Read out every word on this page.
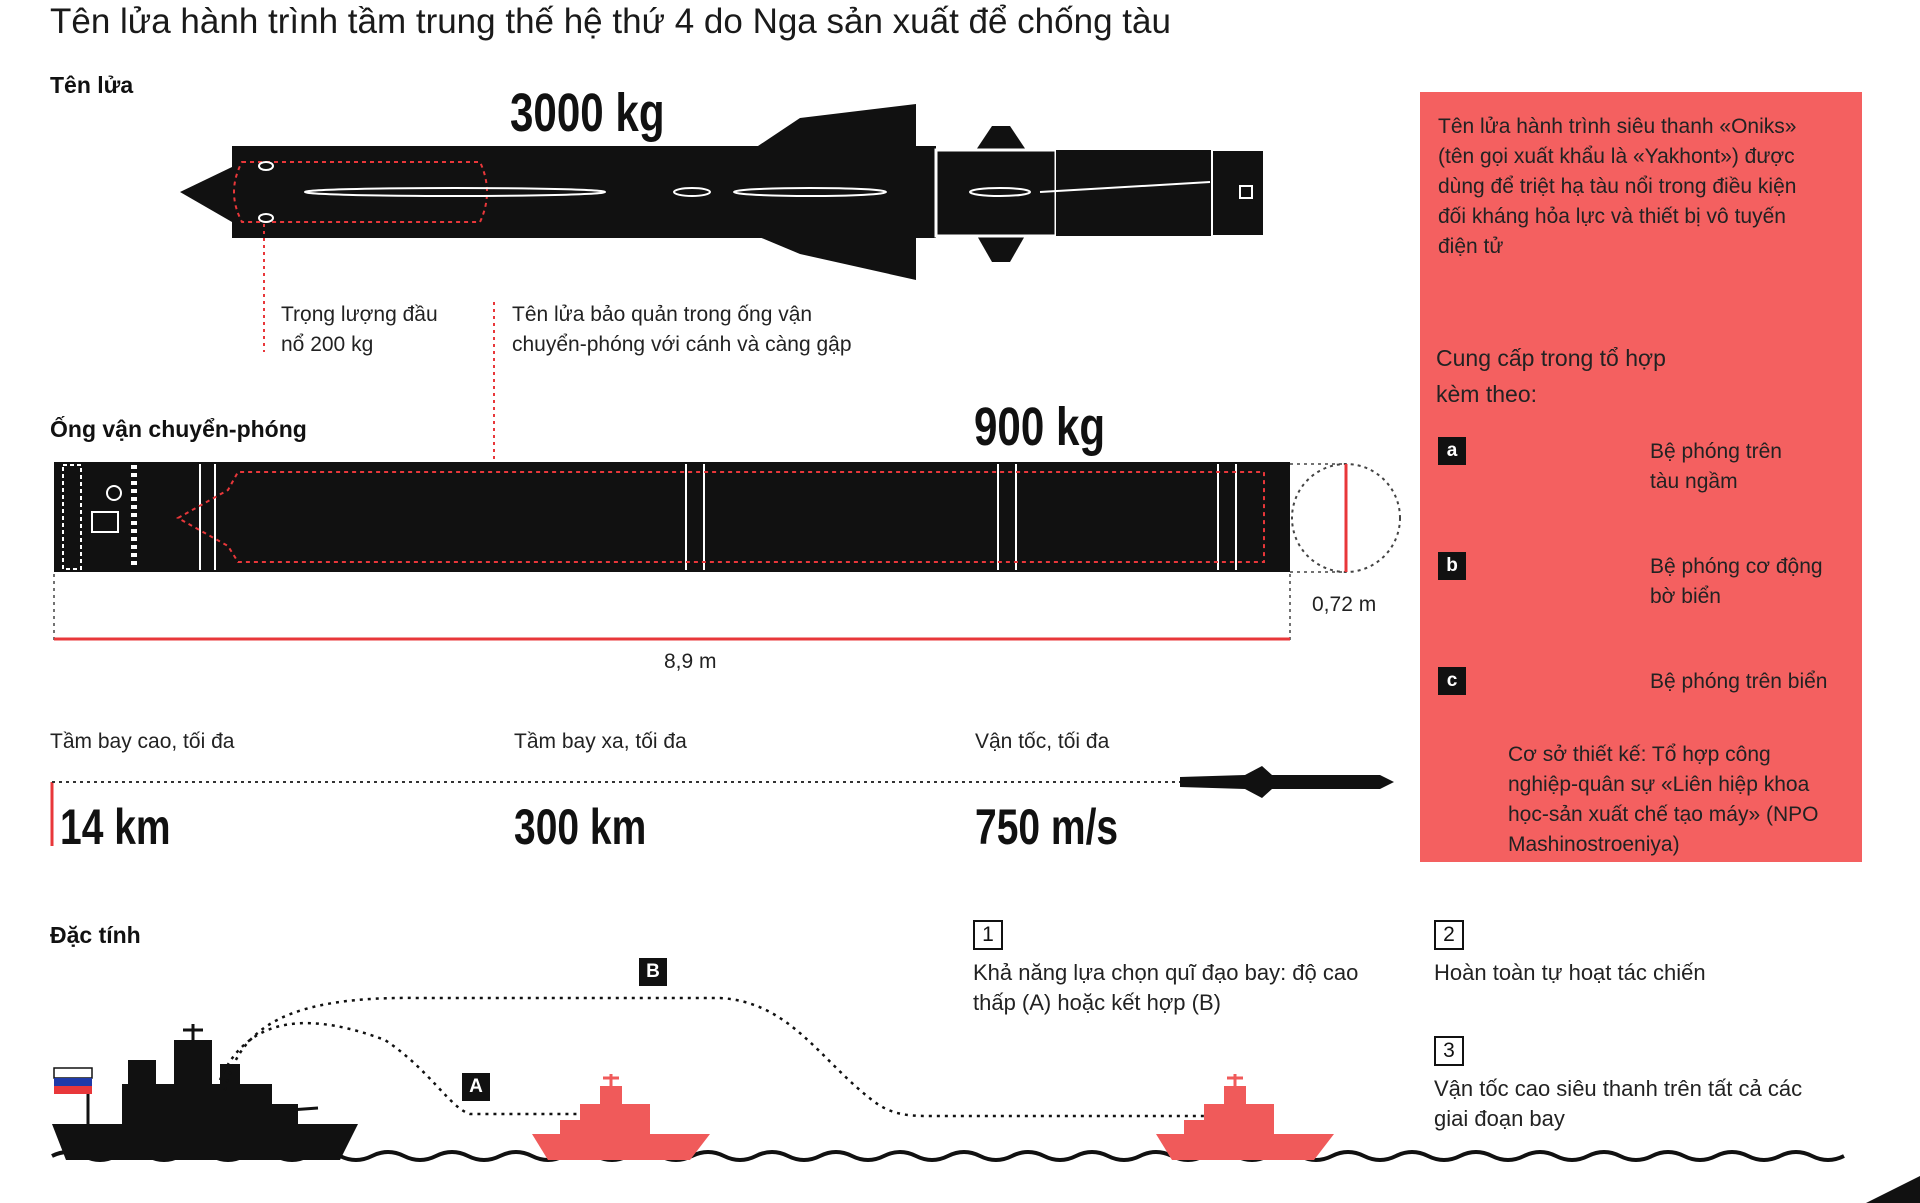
Tên lửa hành trình tầm trung thế hệ thứ 4 do Nga sản xuất để chống tàu
Tên lửa	3000 kg
Trọng lượng đầu
nổ 200 kg
Tên lửa bảo quản trong ống vận
chuyển-phóng với cánh và càng gập
Ống vận chuyển-phóng	900 kg
0,72 m
8,9 m
Tầm bay cao, tối đa	Tầm bay xa, tối đa	Vận tốc, tối đa
14 km	300 km	750 m/s
Tên lửa hành trình siêu thanh «Oniks»
(tên gọi xuất khẩu là «Yakhont») được
dùng để triệt hạ tàu nổi trong điều kiện
đối kháng hỏa lực và thiết bị vô tuyến
điện tử
Cung cấp trong tổ hợp
kèm theo:
a	Bệ phóng trên
tàu ngầm
b	Bệ phóng cơ động
bờ biển
c	Bệ phóng trên biển
Cơ sở thiết kế: Tổ hợp công
nghiệp-quân sự «Liên hiệp khoa
học-sản xuất chế tạo máy» (NPO
Mashinostroeniya)
Đặc tính
B
A
1
Khả năng lựa chọn quĩ đạo bay: độ cao
thấp (A) hoặc kết hợp (B)
2
Hoàn toàn tự hoạt tác chiến
3
Vận tốc cao siêu thanh trên tất cả các
giai đoạn bay
